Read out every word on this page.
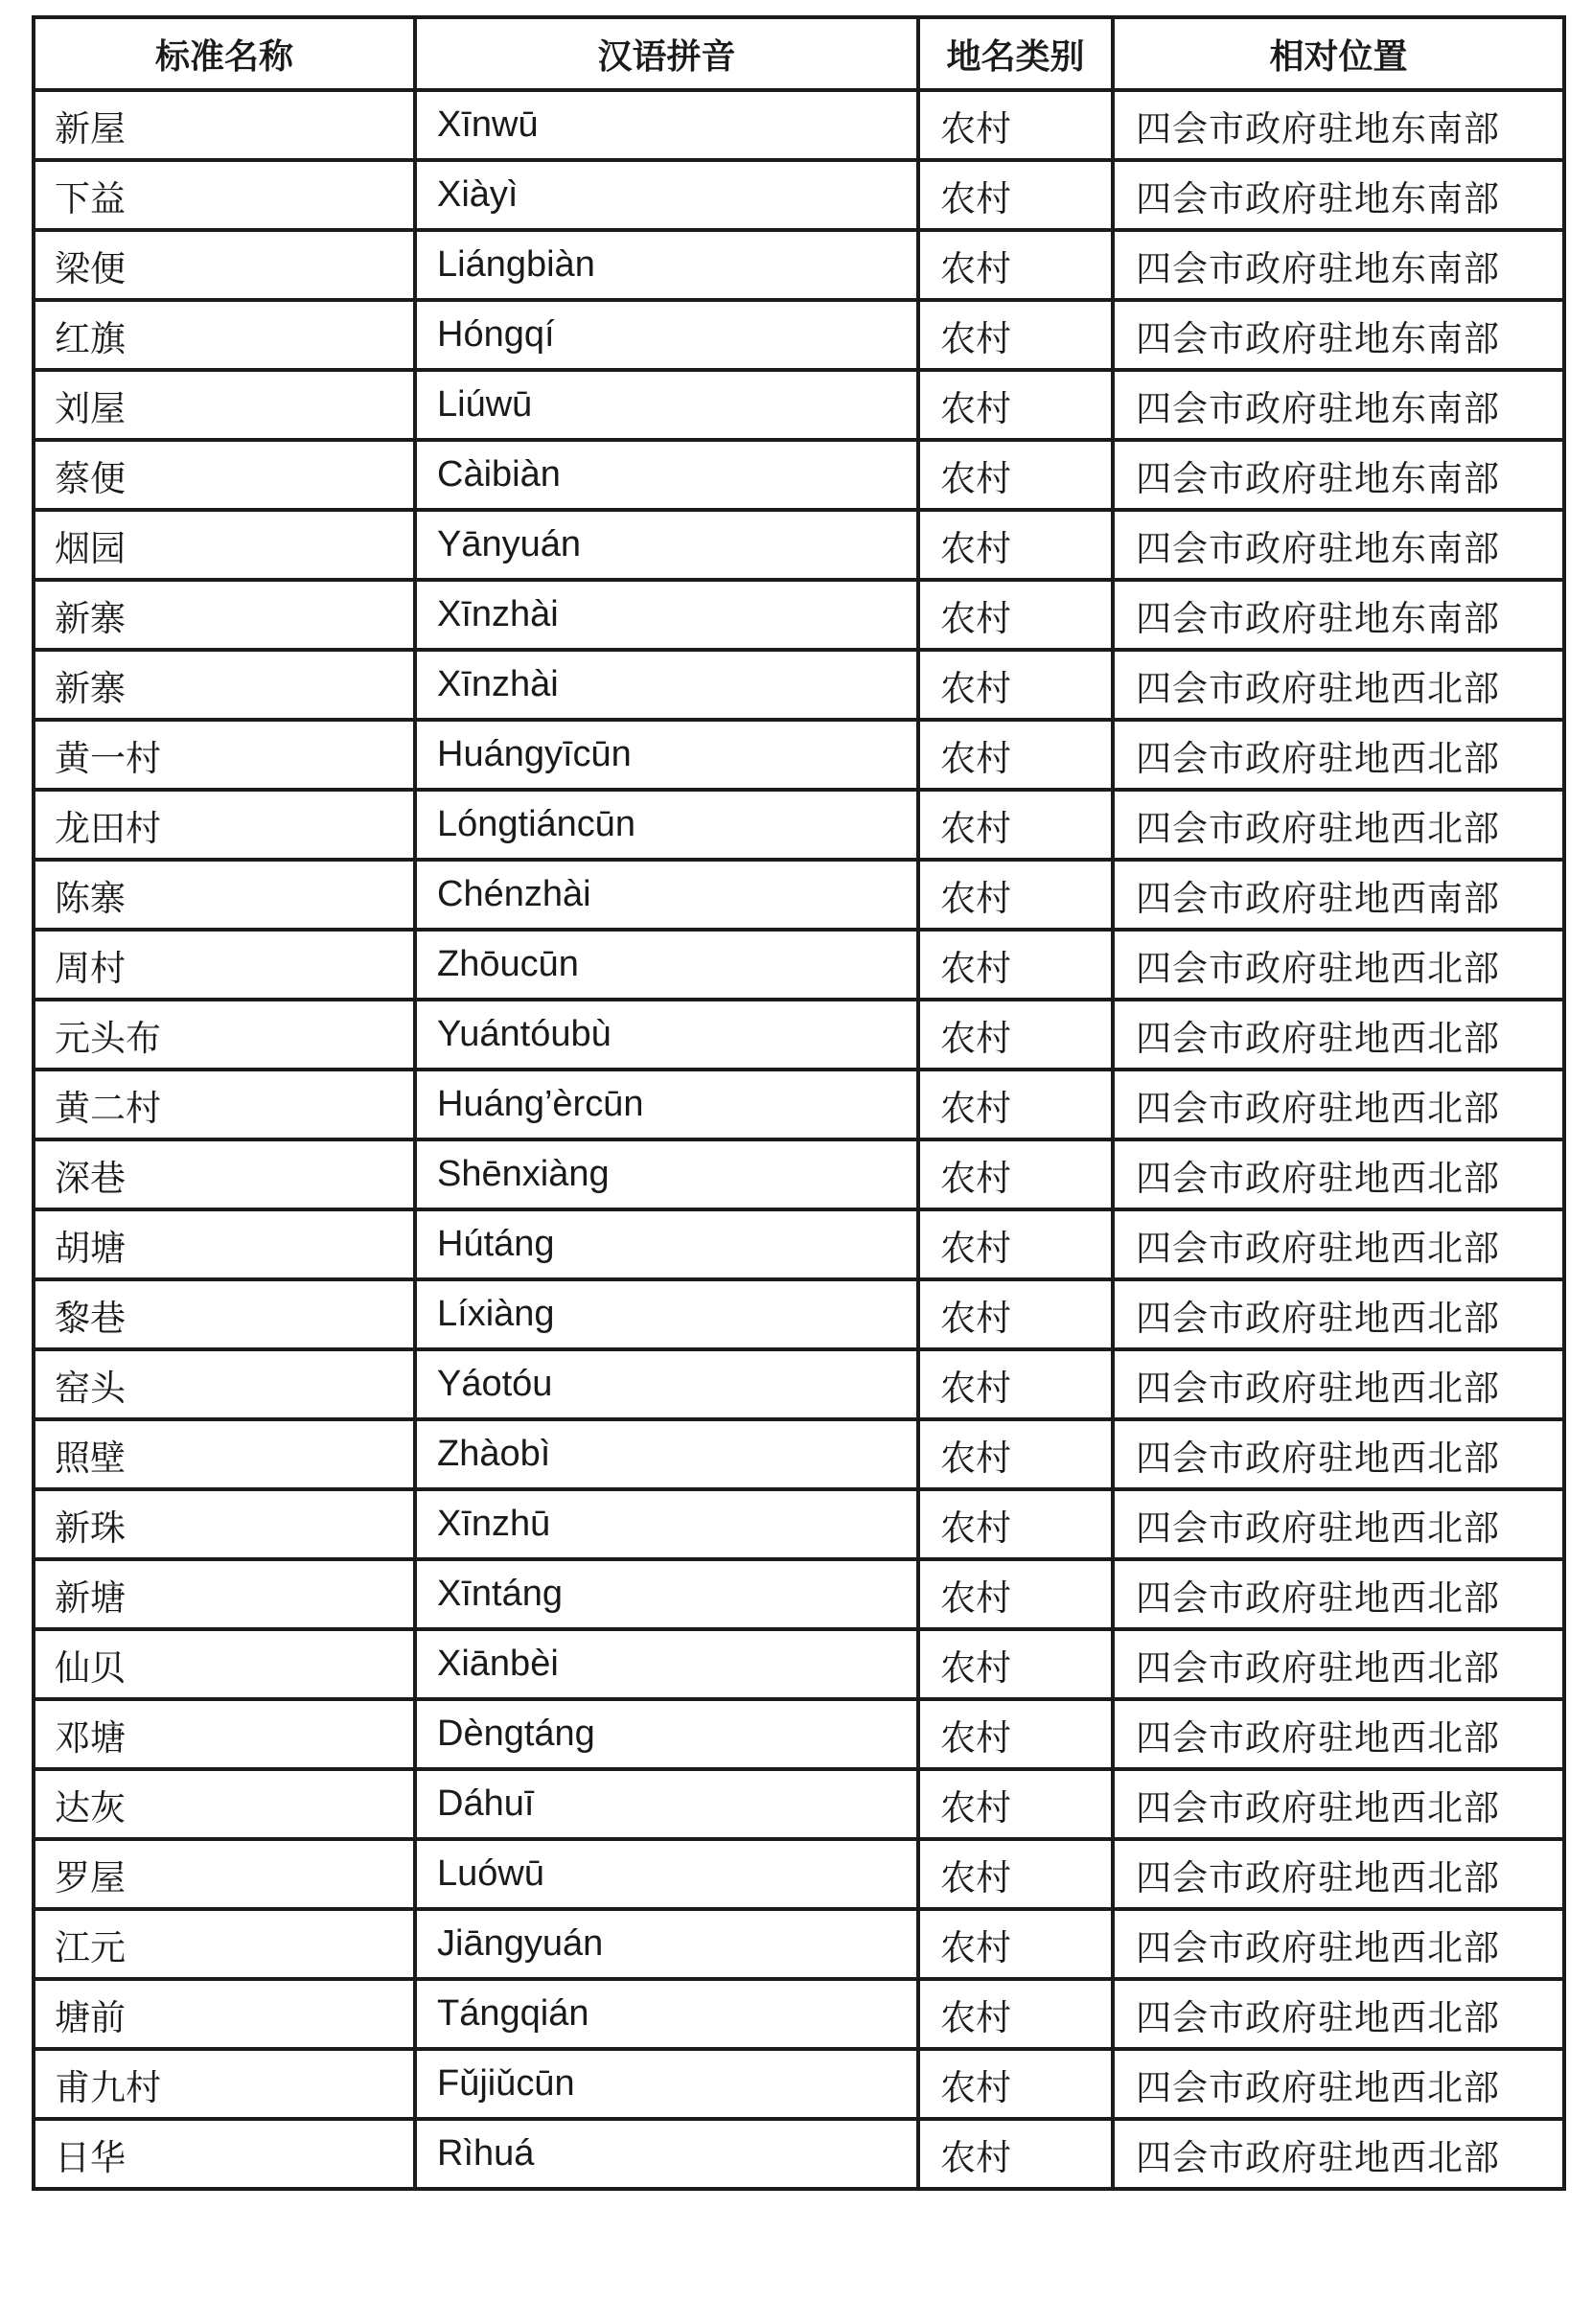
标准名称	汉语拼音	地名类别	相对位置
新屋	Xīnwū	农村	四会市政府驻地东南部
下益	Xiàyì	农村	四会市政府驻地东南部
梁便	Liángbiàn	农村	四会市政府驻地东南部
红旗	Hóngqí	农村	四会市政府驻地东南部
刘屋	Liúwū	农村	四会市政府驻地东南部
蔡便	Càibiàn	农村	四会市政府驻地东南部
烟园	Yānyuán	农村	四会市政府驻地东南部
新寨	Xīnzhài	农村	四会市政府驻地东南部
新寨	Xīnzhài	农村	四会市政府驻地西北部
黄一村	Huángyīcūn	农村	四会市政府驻地西北部
龙田村	Lóngtiáncūn	农村	四会市政府驻地西北部
陈寨	Chénzhài	农村	四会市政府驻地西南部
周村	Zhōucūn	农村	四会市政府驻地西北部
元头布	Yuántóubù	农村	四会市政府驻地西北部
黄二村	Huáng’èrcūn	农村	四会市政府驻地西北部
深巷	Shēnxiàng	农村	四会市政府驻地西北部
胡塘	Hútáng	农村	四会市政府驻地西北部
黎巷	Líxiàng	农村	四会市政府驻地西北部
窑头	Yáotóu	农村	四会市政府驻地西北部
照壁	Zhàobì	农村	四会市政府驻地西北部
新珠	Xīnzhū	农村	四会市政府驻地西北部
新塘	Xīntáng	农村	四会市政府驻地西北部
仙贝	Xiānbèi	农村	四会市政府驻地西北部
邓塘	Dèngtáng	农村	四会市政府驻地西北部
达灰	Dáhuī	农村	四会市政府驻地西北部
罗屋	Luówū	农村	四会市政府驻地西北部
江元	Jiāngyuán	农村	四会市政府驻地西北部
塘前	Tángqián	农村	四会市政府驻地西北部
甫九村	Fǔjiǔcūn	农村	四会市政府驻地西北部
日华	Rìhuá	农村	四会市政府驻地西北部
